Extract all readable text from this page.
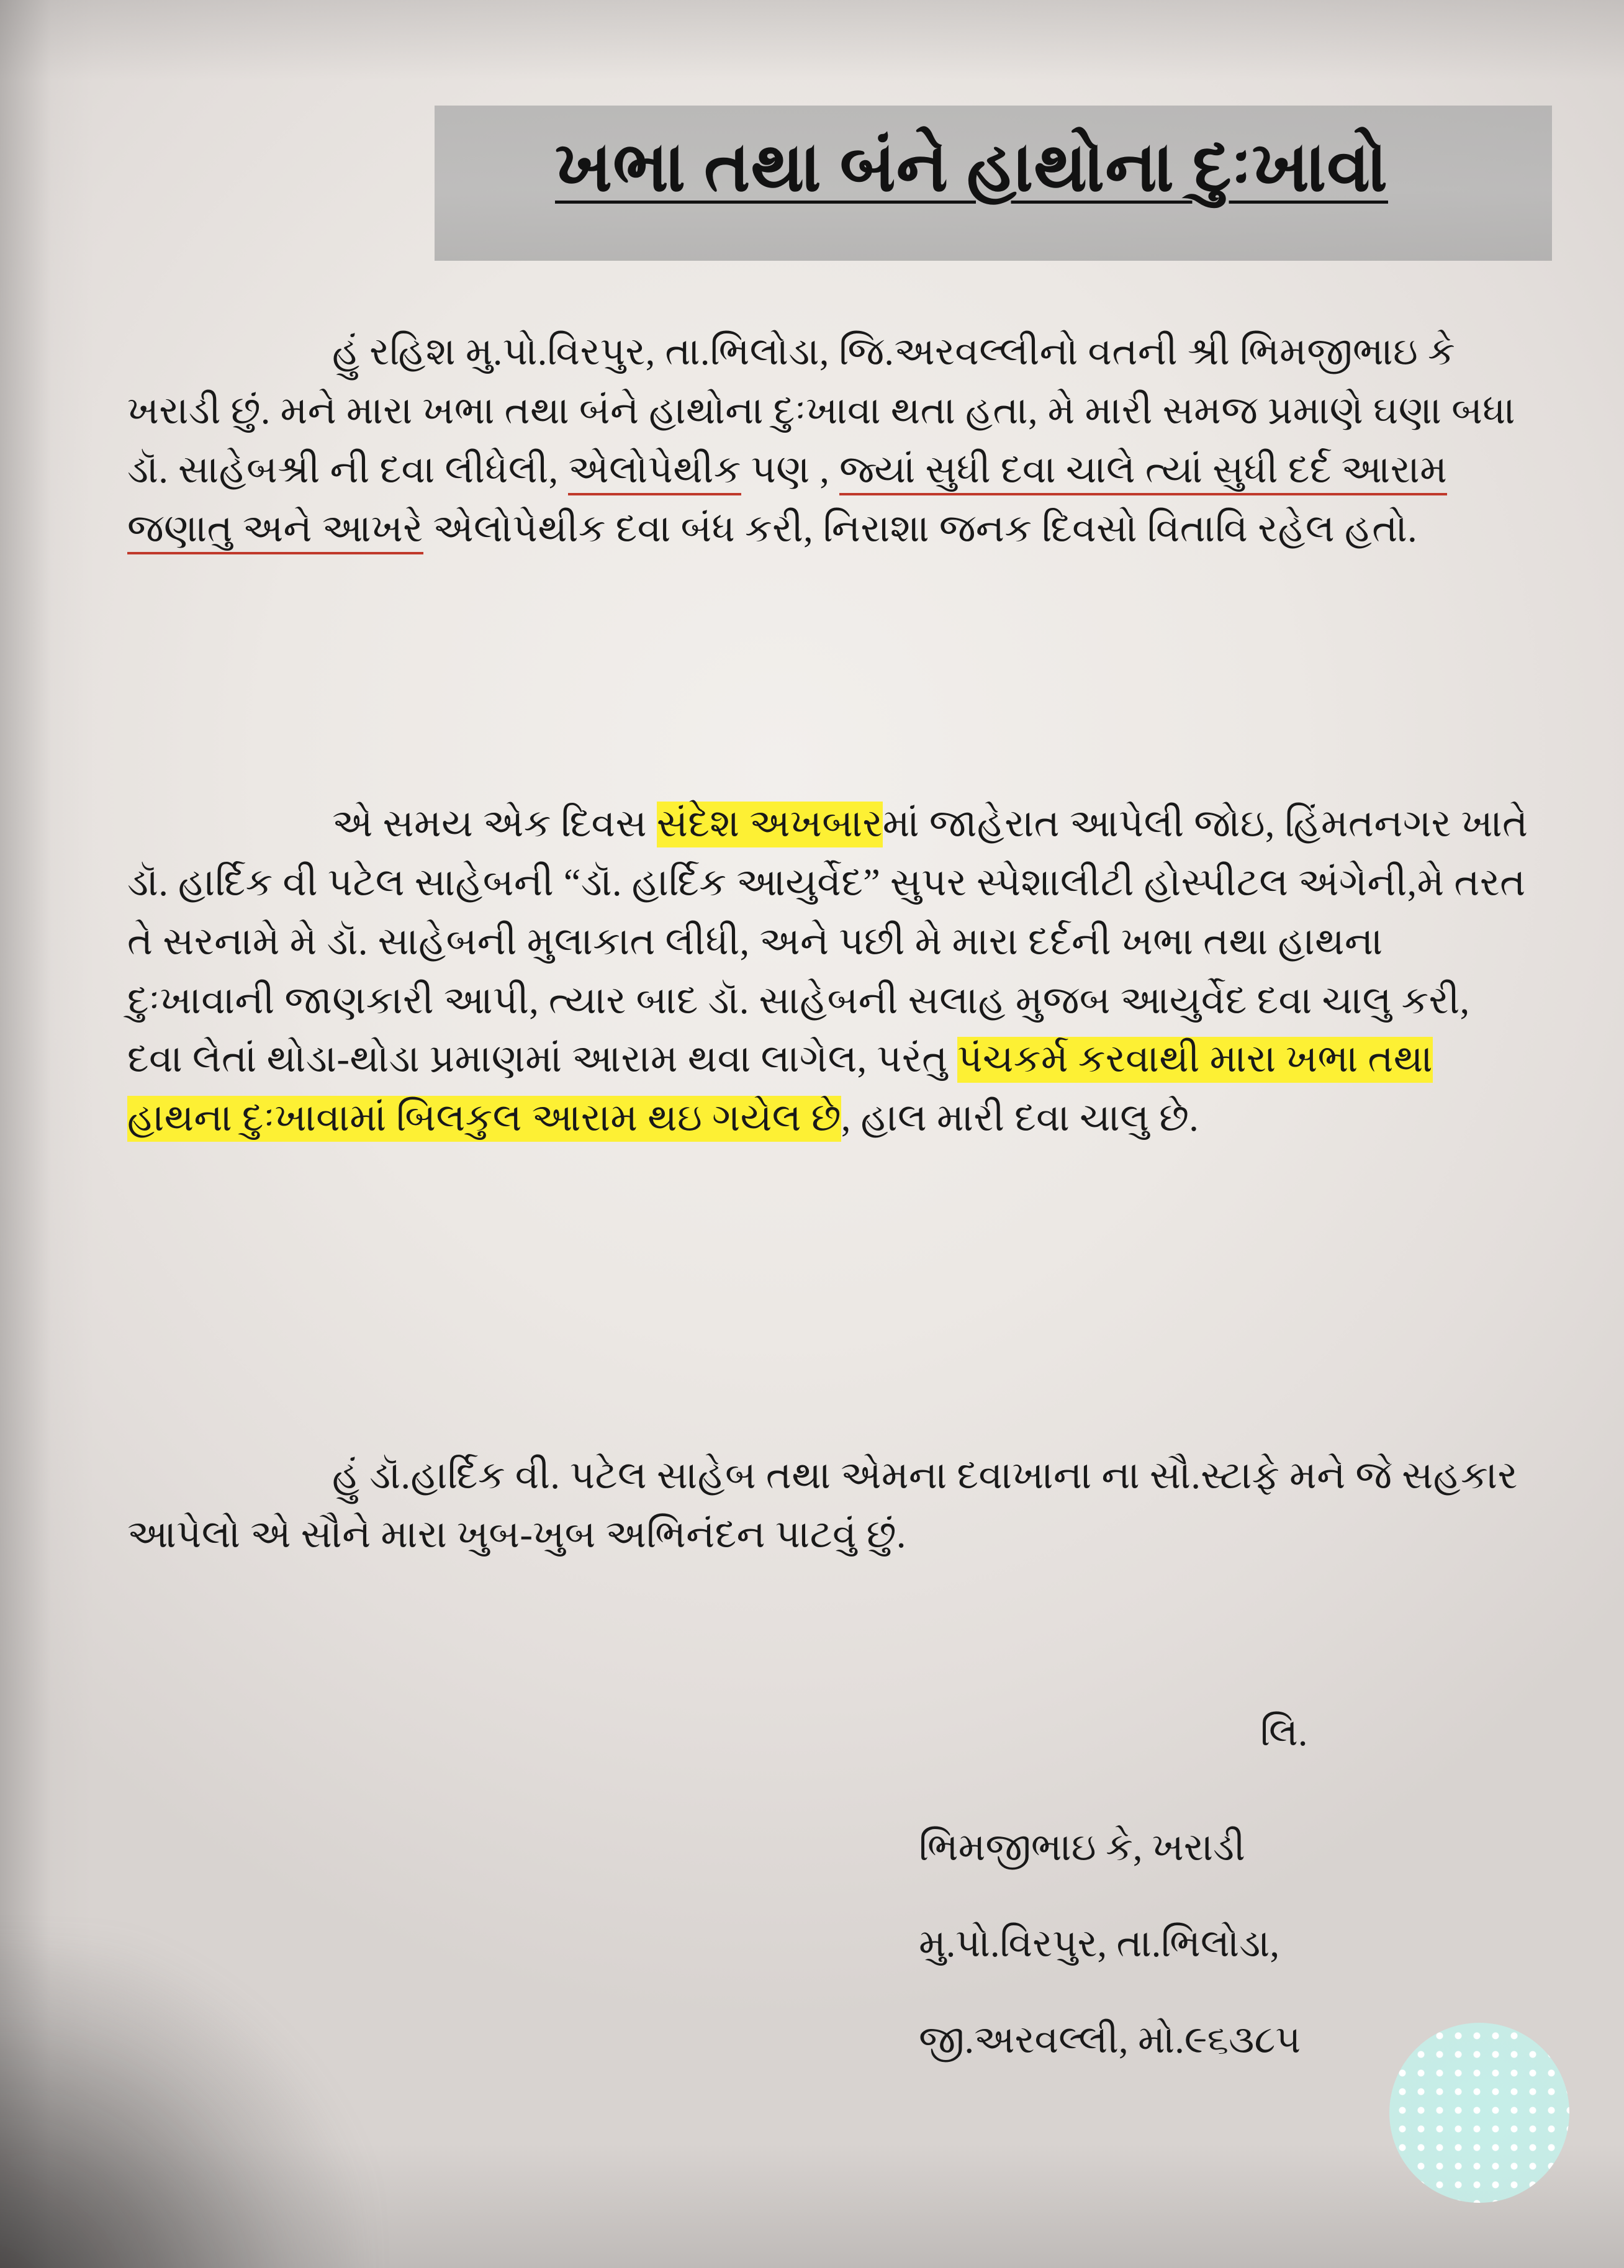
ખભા તથા બંને હાથોના દુઃખાવો
હું રહિશ મુ.પો.વિરપુર, તા.ભિલોડા, જિ.અરવલ્લીનો વતની શ્રી ભિમજીભાઇ કે ખરાડી છું. મને મારા ખભા તથા બંને હાથોના દુઃખાવા થતા હતા, મે મારી સમજ પ્રમાણે ઘણા બધા ડૉ. સાહેબશ્રી ની દવા લીધેલી, એલોપેથીક પણ , જ્યાં સુધી દવા ચાલે ત્યાં સુધી દર્દ આરામ જણાતુ અને આખરે એલોપેથીક દવા બંધ કરી, નિરાશા જનક દિવસો વિતાવિ રહેલ હતો.
એ સમય એક દિવસ સંદેશ અખબારમાં જાહેરાત આપેલી જોઇ, હિંમતનગર ખાતે ડૉ. હાર્દિક વી પટેલ સાહેબની “ડૉ. હાર્દિક આયુર્વેદ” સુપર સ્પેશાલીટી હોસ્પીટલ અંગેની,મે તરત તે સરનામે મે ડૉ. સાહેબની મુલાકાત લીધી, અને પછી મે મારા દર્દની ખભા તથા હાથના દુઃખાવાની જાણકારી આપી, ત્યાર બાદ ડૉ. સાહેબની સલાહ મુજબ આયુર્વેદ દવા ચાલુ કરી, દવા લેતાં થોડા-થોડા પ્રમાણમાં આરામ થવા લાગેલ, પરંતુ પંચકર્મ કરવાથી મારા ખભા તથા હાથના દુઃખાવામાં બિલકુલ આરામ થઇ ગયેલ છે, હાલ મારી દવા ચાલુ છે.
હું ડૉ.હાર્દિક વી. પટેલ સાહેબ તથા એમના દવાખાના ના સૌ.સ્ટાફે મને જે સહકાર આપેલો એ સૌને મારા ખુબ-ખુબ અભિનંદન પાટવું છું.
લિ.
ભિમજીભાઇ કે, ખરાડી
મુ.પો.વિરપુર, તા.ભિલોડા,
જી.અરવલ્લી, મો.૯૬૩૮૫
